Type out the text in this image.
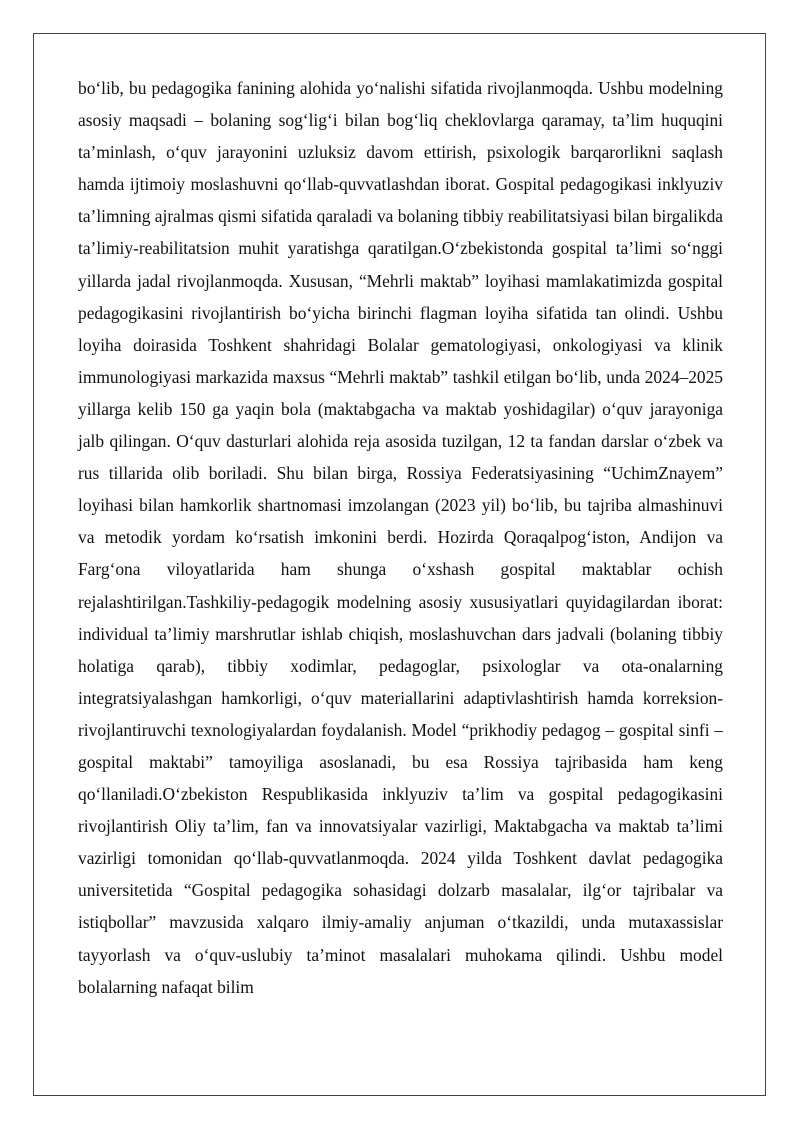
bo‘lib, bu pedagogika fanining alohida yo‘nalishi sifatida rivojlanmoqda. Ushbu modelning asosiy maqsadi – bolaning sog‘lig‘i bilan bog‘liq cheklovlarga qaramay, ta’lim huquqini ta’minlash, o‘quv jarayonini uzluksiz davom ettirish, psixologik barqarorlikni saqlash hamda ijtimoiy moslashuvni qo‘llab-quvvatlashdan iborat. Gospital pedagogikasi inklyuziv ta’limning ajralmas qismi sifatida qaraladi va bolaning tibbiy reabilitatsiyasi bilan birgalikda ta’limiy-reabilitatsion muhit yaratishga qaratilgan.O‘zbekistonda gospital ta’limi so‘nggi yillarda jadal rivojlanmoqda. Xususan, “Mehrli maktab” loyihasi mamlakatimizda gospital pedagogikasini rivojlantirish bo‘yicha birinchi flagman loyiha sifatida tan olindi. Ushbu loyiha doirasida Toshkent shahridagi Bolalar gematologiyasi, onkologiyasi va klinik immunologiyasi markazida maxsus “Mehrli maktab” tashkil etilgan bo‘lib, unda 2024–2025 yillarga kelib 150 ga yaqin bola (maktabgacha va maktab yoshidagilar) o‘quv jarayoniga jalb qilingan. O‘quv dasturlari alohida reja asosida tuzilgan, 12 ta fandan darslar o‘zbek va rus tillarida olib boriladi. Shu bilan birga, Rossiya Federatsiyasining “UchimZnayem” loyihasi bilan hamkorlik shartnomasi imzolangan (2023 yil) bo‘lib, bu tajriba almashinuvi va metodik yordam ko‘rsatish imkonini berdi. Hozirda Qoraqalpog‘iston, Andijon va Farg‘ona viloyatlarida ham shunga o‘xshash gospital maktablar ochish rejalashtirilgan.Tashkiliy-pedagogik modelning asosiy xususiyatlari quyidagilardan iborat: individual ta’limiy marshrutlar ishlab chiqish, moslashuvchan dars jadvali (bolaning tibbiy holatiga qarab), tibbiy xodimlar, pedagoglar, psixologlar va ota-onalarning integratsiyalashgan hamkorligi, o‘quv materiallarini adaptivlashtirish hamda korreksion-rivojlantiruvchi texnologiyalardan foydalanish. Model “prikhodiy pedagog – gospital sinfi – gospital maktabi” tamoyiliga asoslanadi, bu esa Rossiya tajribasida ham keng qo‘llaniladi.O‘zbekiston Respublikasida inklyuziv ta’lim va gospital pedagogikasini rivojlantirish Oliy ta’lim, fan va innovatsiyalar vazirligi, Maktabgacha va maktab ta’limi vazirligi tomonidan qo‘llab-quvvatlanmoqda. 2024 yilda Toshkent davlat pedagogika universitetida “Gospital pedagogika sohasidagi dolzarb masalalar, ilg‘or tajribalar va istiqbollar” mavzusida xalqaro ilmiy-amaliy anjuman o‘tkazildi, unda mutaxassislar tayyorlash va o‘quv-uslubiy ta’minot masalalari muhokama qilindi. Ushbu model bolalarning nafaqat bilim
